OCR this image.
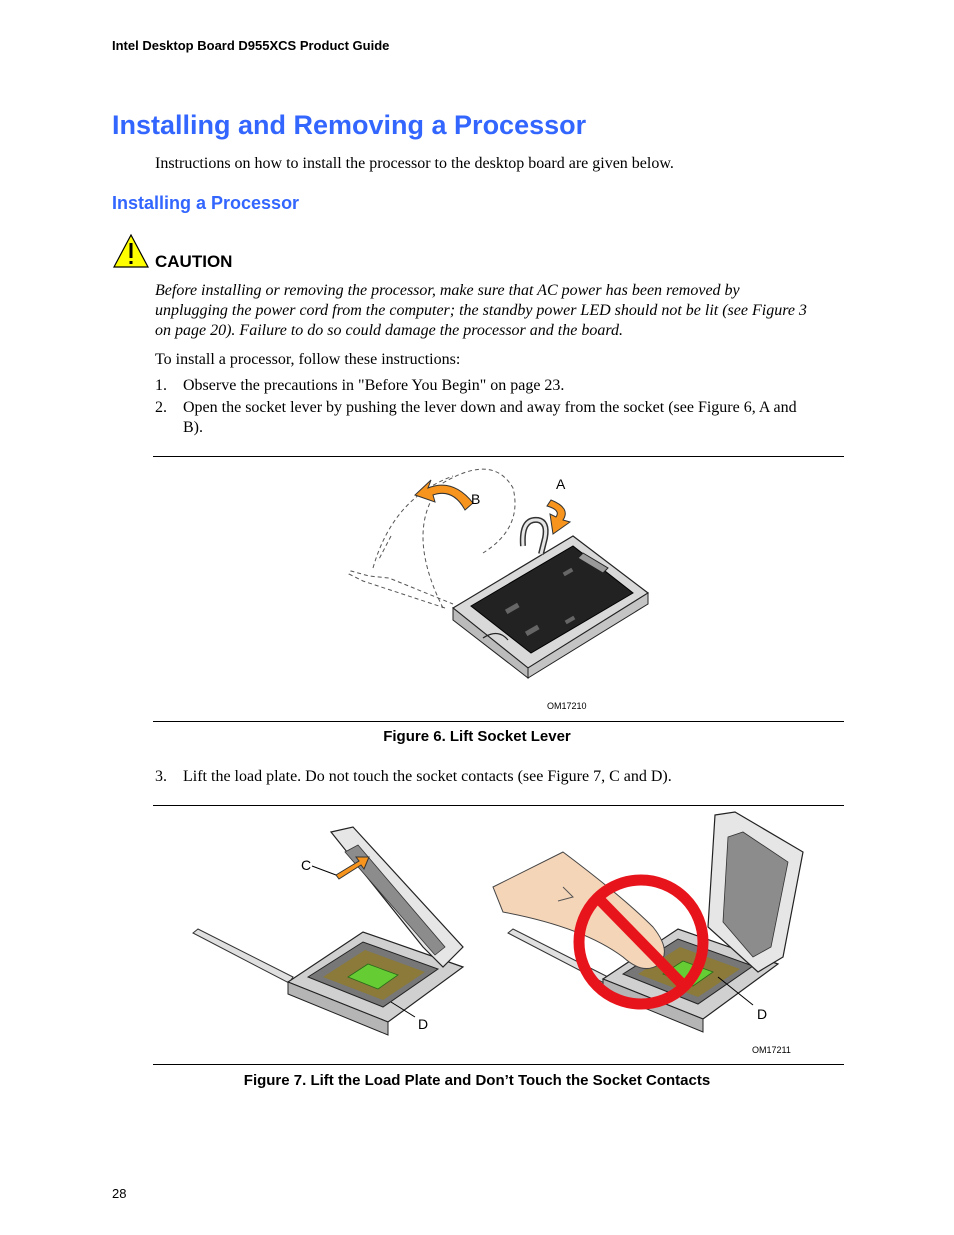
Intel Desktop Board D955XCS Product Guide
Installing and Removing a Processor
Instructions on how to install the processor to the desktop board are given below.
Installing a Processor
CAUTION
Before installing or removing the processor, make sure that AC power has been removed by unplugging the power cord from the computer; the standby power LED should not be lit (see Figure 3 on page 20). Failure to do so could damage the processor and the board.
To install a processor, follow these instructions:
1. Observe the precautions in "Before You Begin" on page 23.
2. Open the socket lever by pushing the lever down and away from the socket (see Figure 6, A and B).
A
B
OM17210
Figure 6. Lift Socket Lever
3. Lift the load plate. Do not touch the socket contacts (see Figure 7, C and D).
C
D
D
OM17211
Figure 7. Lift the Load Plate and Don’t Touch the Socket Contacts
28
